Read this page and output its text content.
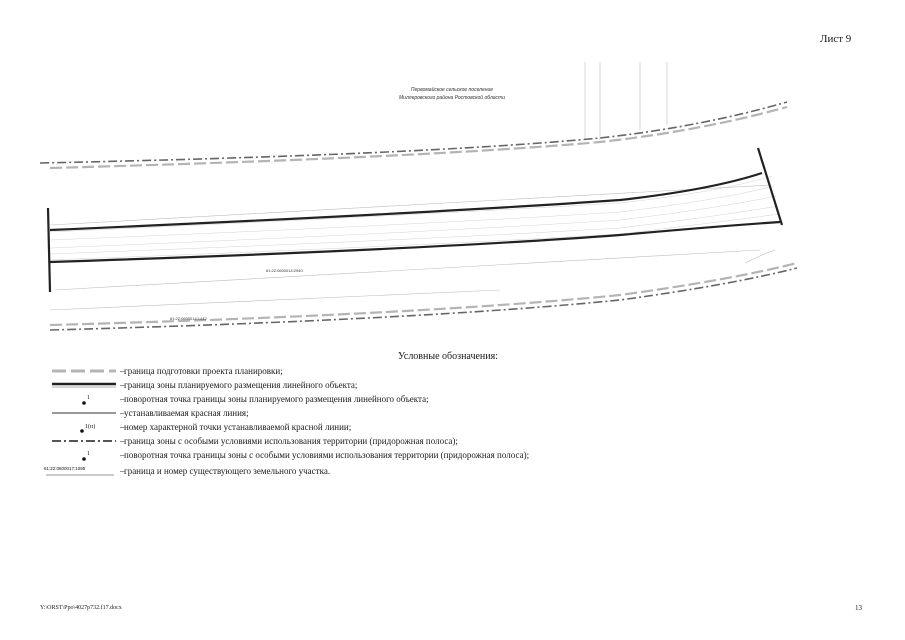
Лист 9
Первомайское сельское поселение
Миллеровского района Ростовской области
61:22:0600014:2940
61:22:0600014:1442
Условные обозначения:
– граница подготовки проекта планировки;
– граница зоны планируемого размещения линейного объекта;
1	– поворотная точка границы зоны планируемого размещения линейного объекта;
– устанавливаемая красная линия;
1(п)	– номер характерной точки устанавливаемой красной линии;
– граница зоны с особыми условиями использования территории (придорожная полоса);
1	– поворотная точка границы зоны с особыми условиями использования территории (придорожная полоса);
61:22:0600017:1095	– граница и номер существующего земельного участка.
Y:\ORST\Ppo\4027p732.f17.docx	13
